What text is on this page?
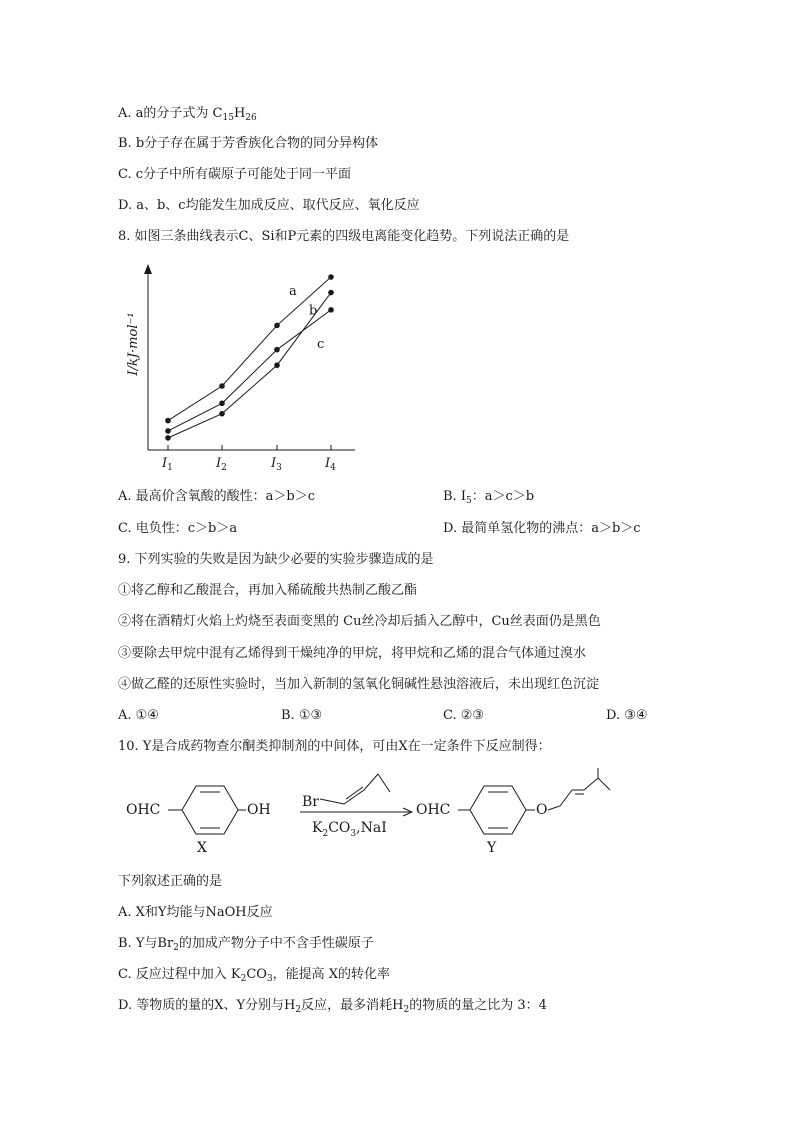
A. a的分子式为 $C_{15}H_{26}$
B. b分子存在属于芳香族化合物的同分异构体
C. c分子中所有碳原子可能处于同一平面
D. a、b、c均能发生加成反应、取代反应、氧化反应
8. 如图三条曲线表示C、Si和P元素的四级电离能变化趋势。下列说法正确的是
I/kJ·mol⁻¹
$I_1$	$I_2$	$I_3$	$I_4$
a
b
c
A. 最高价含氧酸的酸性：a＞b＞c	B. $I_5$：a＞c＞b
C. 电负性：c＞b＞a	D. 最简单氢化物的沸点：a＞b＞c
9. 下列实验的失败是因为缺少必要的实验步骤造成的是
①将乙醇和乙酸混合，再加入稀硫酸共热制乙酸乙酯
②将在酒精灯火焰上灼烧至表面变黑的 Cu丝冷却后插入乙醇中，Cu丝表面仍是黑色
③要除去甲烷中混有乙烯得到干燥纯净的甲烷，将甲烷和乙烯的混合气体通过溴水
④做乙醛的还原性实验时，当加入新制的氢氧化铜碱性悬浊溶液后，未出现红色沉淀
A. ①④	B. ①③	C. ②③	D. ③④
10. Y是合成药物查尔酮类抑制剂的中间体，可由X在一定条件下反应制得：
OHC	OH
X
Br
$K_2CO_3,NaI$
OHC	O
Y
下列叙述正确的是
A. X和Y均能与NaOH反应
B. Y与$Br_2$的加成产物分子中不含手性碳原子
C. 反应过程中加入 $K_2CO_3$，能提高 X的转化率
D. 等物质的量的X、Y分别与$H_2$反应，最多消耗$H_2$的物质的量之比为 3：4
